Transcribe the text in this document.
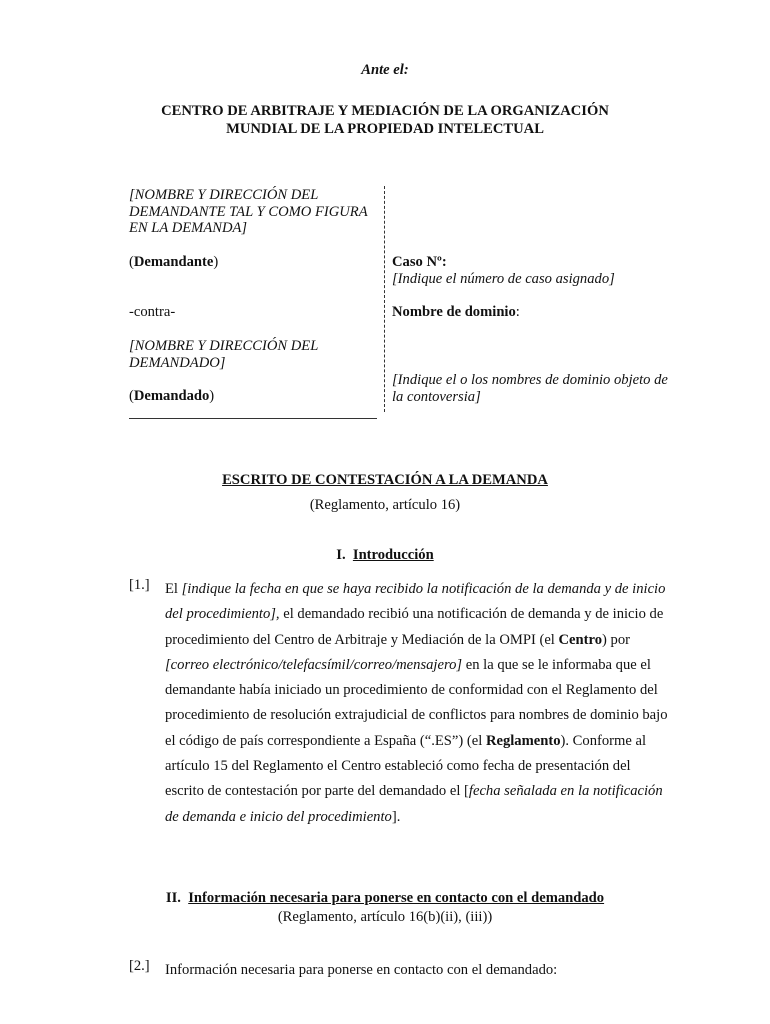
Ante el:
CENTRO DE ARBITRAJE Y MEDIACIÓN DE LA ORGANIZACIÓN
MUNDIAL DE LA PROPIEDAD INTELECTUAL
[NOMBRE Y DIRECCIÓN DEL DEMANDANTE TAL Y COMO FIGURA EN LA DEMANDA]
(Demandante)
-contra-
[NOMBRE Y DIRECCIÓN DEL DEMANDADO]
(Demandado)
Caso Nº:
[Indique el número de caso asignado]
Nombre de dominio:
[Indique el o los nombres de dominio objeto de la contoversia]
ESCRITO DE CONTESTACIÓN A LA DEMANDA
(Reglamento, artículo 16)
I. Introducción
[1.] El [indique la fecha en que se haya recibido la notificación de la demanda y de inicio del procedimiento], el demandado recibió una notificación de demanda y de inicio de procedimiento del Centro de Arbitraje y Mediación de la OMPI (el Centro) por [correo electrónico/telefacsímil/correo/mensajero] en la que se le informaba que el demandante había iniciado un procedimiento de conformidad con el Reglamento del procedimiento de resolución extrajudicial de conflictos para nombres de dominio bajo el código de país correspondiente a España (“.ES”) (el Reglamento). Conforme al artículo 15 del Reglamento el Centro estableció como fecha de presentación del escrito de contestación por parte del demandado el [fecha señalada en la notificación de demanda e inicio del procedimiento].
II. Información necesaria para ponerse en contacto con el demandado
(Reglamento, artículo 16(b)(ii), (iii))
[2.] Información necesaria para ponerse en contacto con el demandado:
